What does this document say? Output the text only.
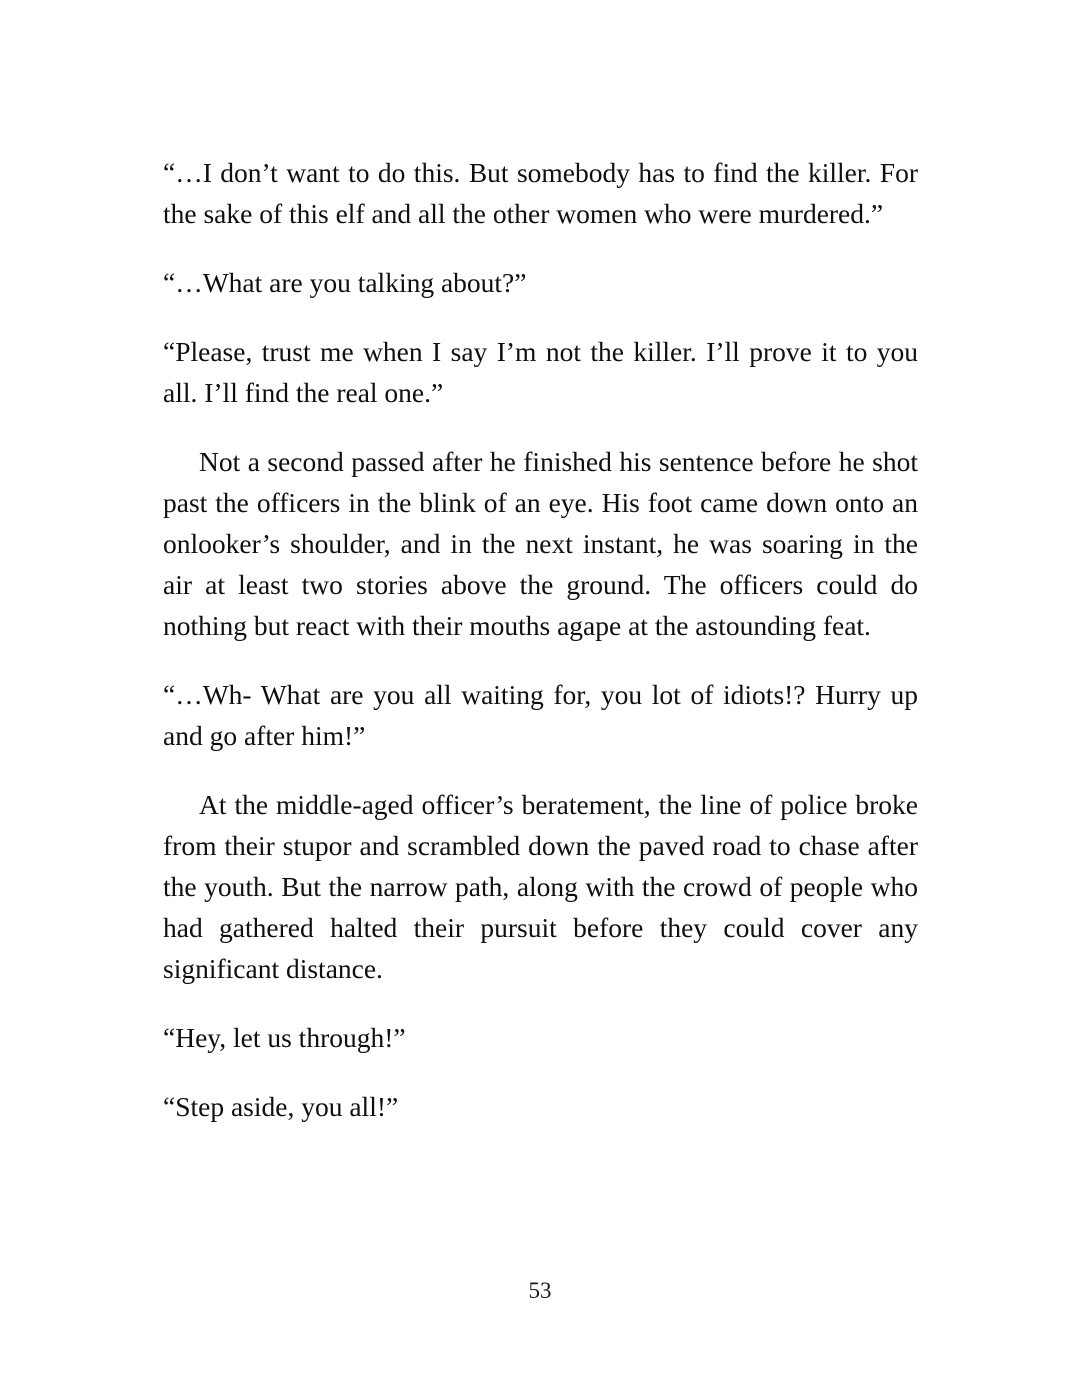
“…I don’t want to do this. But somebody has to find the killer. For the sake of this elf and all the other women who were murdered.”

“…What are you talking about?”

“Please, trust me when I say I’m not the killer. I’ll prove it to you all. I’ll find the real one.”

Not a second passed after he finished his sentence before he shot past the officers in the blink of an eye. His foot came down onto an onlooker’s shoulder, and in the next instant, he was soaring in the air at least two stories above the ground. The officers could do nothing but react with their mouths agape at the astounding feat.

“…Wh- What are you all waiting for, you lot of idiots!? Hurry up and go after him!”

At the middle-aged officer’s beratement, the line of police broke from their stupor and scrambled down the paved road to chase after the youth. But the narrow path, along with the crowd of people who had gathered halted their pursuit before they could cover any significant distance.

“Hey, let us through!”

“Step aside, you all!”

53
